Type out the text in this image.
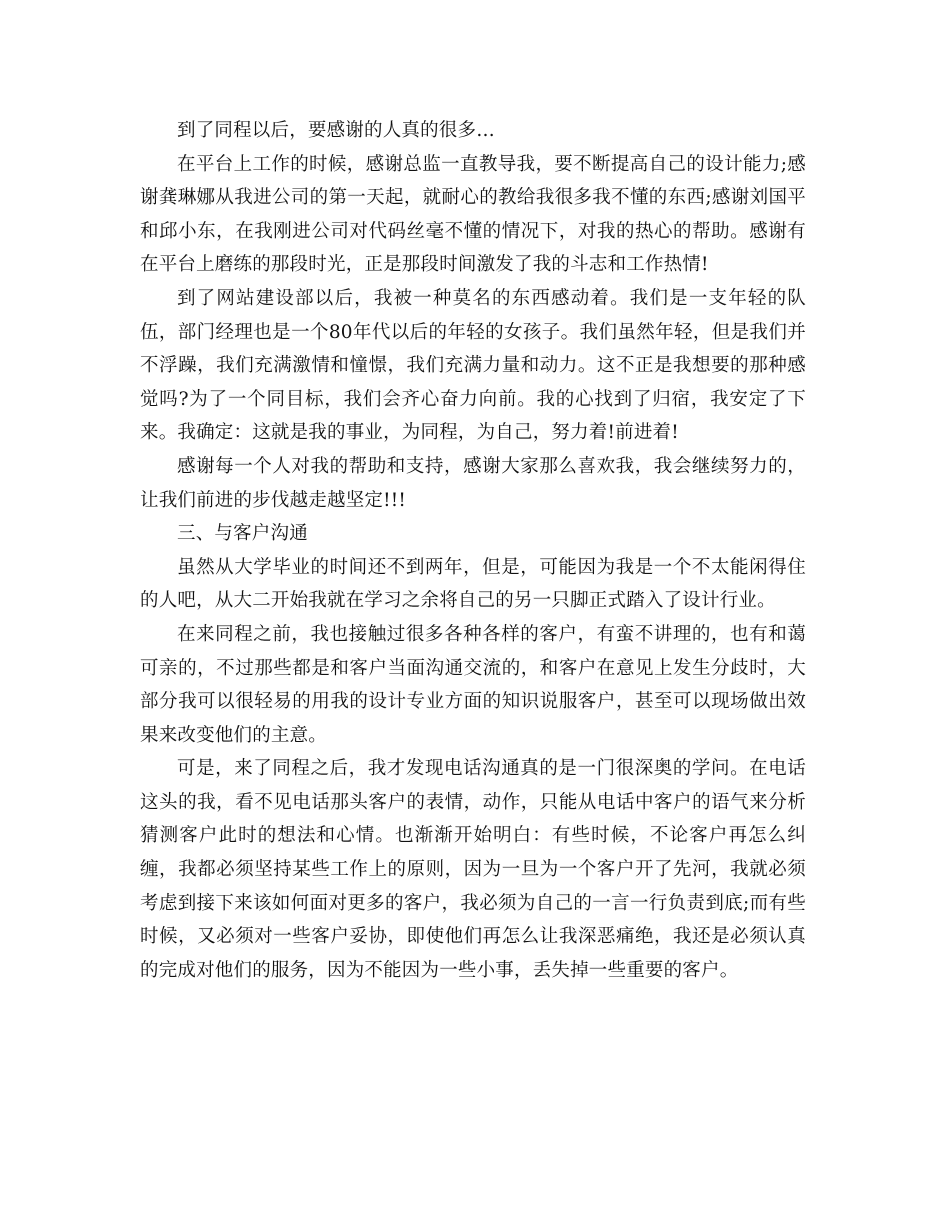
到了同程以后，要感谢的人真的很多…

在平台上工作的时候，感谢总监一直教导我，要不断提高自己的设计能力;感谢龚琳娜从我进公司的第一天起，就耐心的教给我很多我不懂的东西;感谢刘国平和邱小东，在我刚进公司对代码丝毫不懂的情况下，对我的热心的帮助。感谢有在平台上磨练的那段时光，正是那段时间激发了我的斗志和工作热情!

到了网站建设部以后，我被一种莫名的东西感动着。我们是一支年轻的队伍，部门经理也是一个80年代以后的年轻的女孩子。我们虽然年轻，但是我们并不浮躁，我们充满激情和憧憬，我们充满力量和动力。这不正是我想要的那种感觉吗?为了一个同目标，我们会齐心奋力向前。我的心找到了归宿，我安定了下来。我确定：这就是我的事业，为同程，为自己，努力着!前进着!

感谢每一个人对我的帮助和支持，感谢大家那么喜欢我，我会继续努力的，让我们前进的步伐越走越坚定!!!

三、与客户沟通

虽然从大学毕业的时间还不到两年，但是，可能因为我是一个不太能闲得住的人吧，从大二开始我就在学习之余将自己的另一只脚正式踏入了设计行业。

在来同程之前，我也接触过很多各种各样的客户，有蛮不讲理的，也有和蔼可亲的，不过那些都是和客户当面沟通交流的，和客户在意见上发生分歧时，大部分我可以很轻易的用我的设计专业方面的知识说服客户，甚至可以现场做出效果来改变他们的主意。

可是，来了同程之后，我才发现电话沟通真的是一门很深奥的学问。在电话这头的我，看不见电话那头客户的表情，动作，只能从电话中客户的语气来分析猜测客户此时的想法和心情。也渐渐开始明白：有些时候，不论客户再怎么纠缠，我都必须坚持某些工作上的原则，因为一旦为一个客户开了先河，我就必须考虑到接下来该如何面对更多的客户，我必须为自己的一言一行负责到底;而有些时候，又必须对一些客户妥协，即使他们再怎么让我深恶痛绝，我还是必须认真的完成对他们的服务，因为不能因为一些小事，丢失掉一些重要的客户。
